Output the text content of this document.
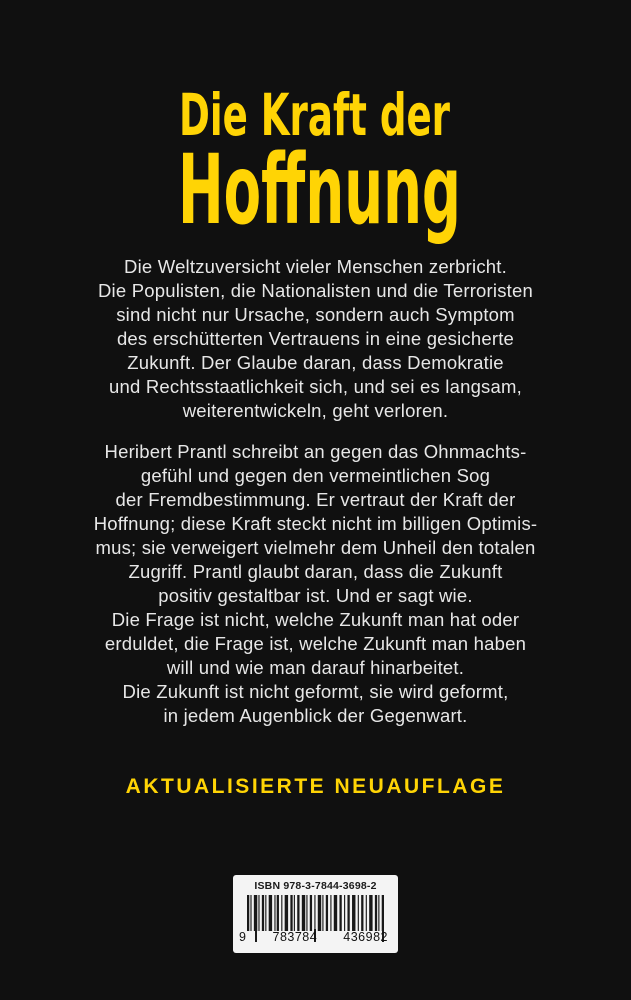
Die Kraft der
Hoffnung
Die Weltzuversicht vieler Menschen zerbricht.
Die Populisten, die Nationalisten und die Terroristen
sind nicht nur Ursache, sondern auch Symptom
des erschütterten Vertrauens in eine gesicherte
Zukunft. Der Glaube daran, dass Demokratie
und Rechtsstaatlichkeit sich, und sei es langsam,
weiterentwickeln, geht verloren.
Heribert Prantl schreibt an gegen das Ohnmachts-
gefühl und gegen den vermeintlichen Sog
der Fremdbestimmung. Er vertraut der Kraft der
Hoffnung; diese Kraft steckt nicht im billigen Optimis-
mus; sie verweigert vielmehr dem Unheil den totalen
Zugriff. Prantl glaubt daran, dass die Zukunft
positiv gestaltbar ist. Und er sagt wie.
Die Frage ist nicht, welche Zukunft man hat oder
erduldet, die Frage ist, welche Zukunft man haben
will und wie man darauf hinarbeitet.
Die Zukunft ist nicht geformt, sie wird geformt,
in jedem Augenblick der Gegenwart.
AKTUALISIERTE NEUAUFLAGE
ISBN 978-3-7844-3698-2
9 783784 436982
